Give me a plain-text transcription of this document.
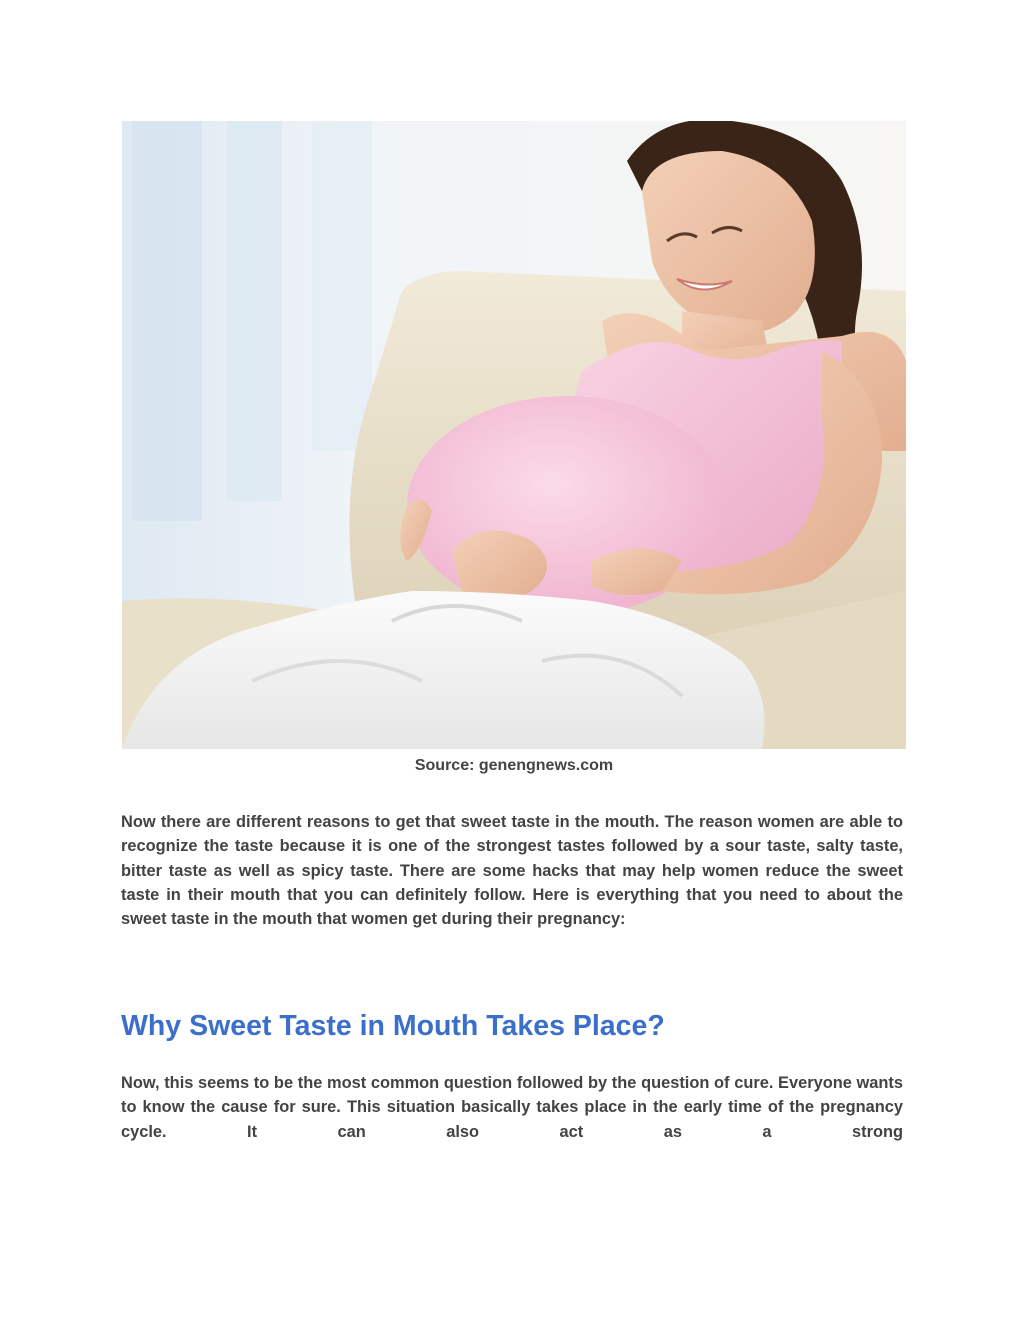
Source: genengnews.com

Now there are different reasons to get that sweet taste in the mouth. The reason women are able to recognize the taste because it is one of the strongest tastes followed by a sour taste, salty taste, bitter taste as well as spicy taste. There are some hacks that may help women reduce the sweet taste in their mouth that you can definitely follow. Here is everything that you need to about the sweet taste in the mouth that women get during their pregnancy:

Why Sweet Taste in Mouth Takes Place?

Now, this seems to be the most common question followed by the question of cure. Everyone wants to know the cause for sure. This situation basically takes place in the early time of the pregnancy cycle. It can also act as a strong
